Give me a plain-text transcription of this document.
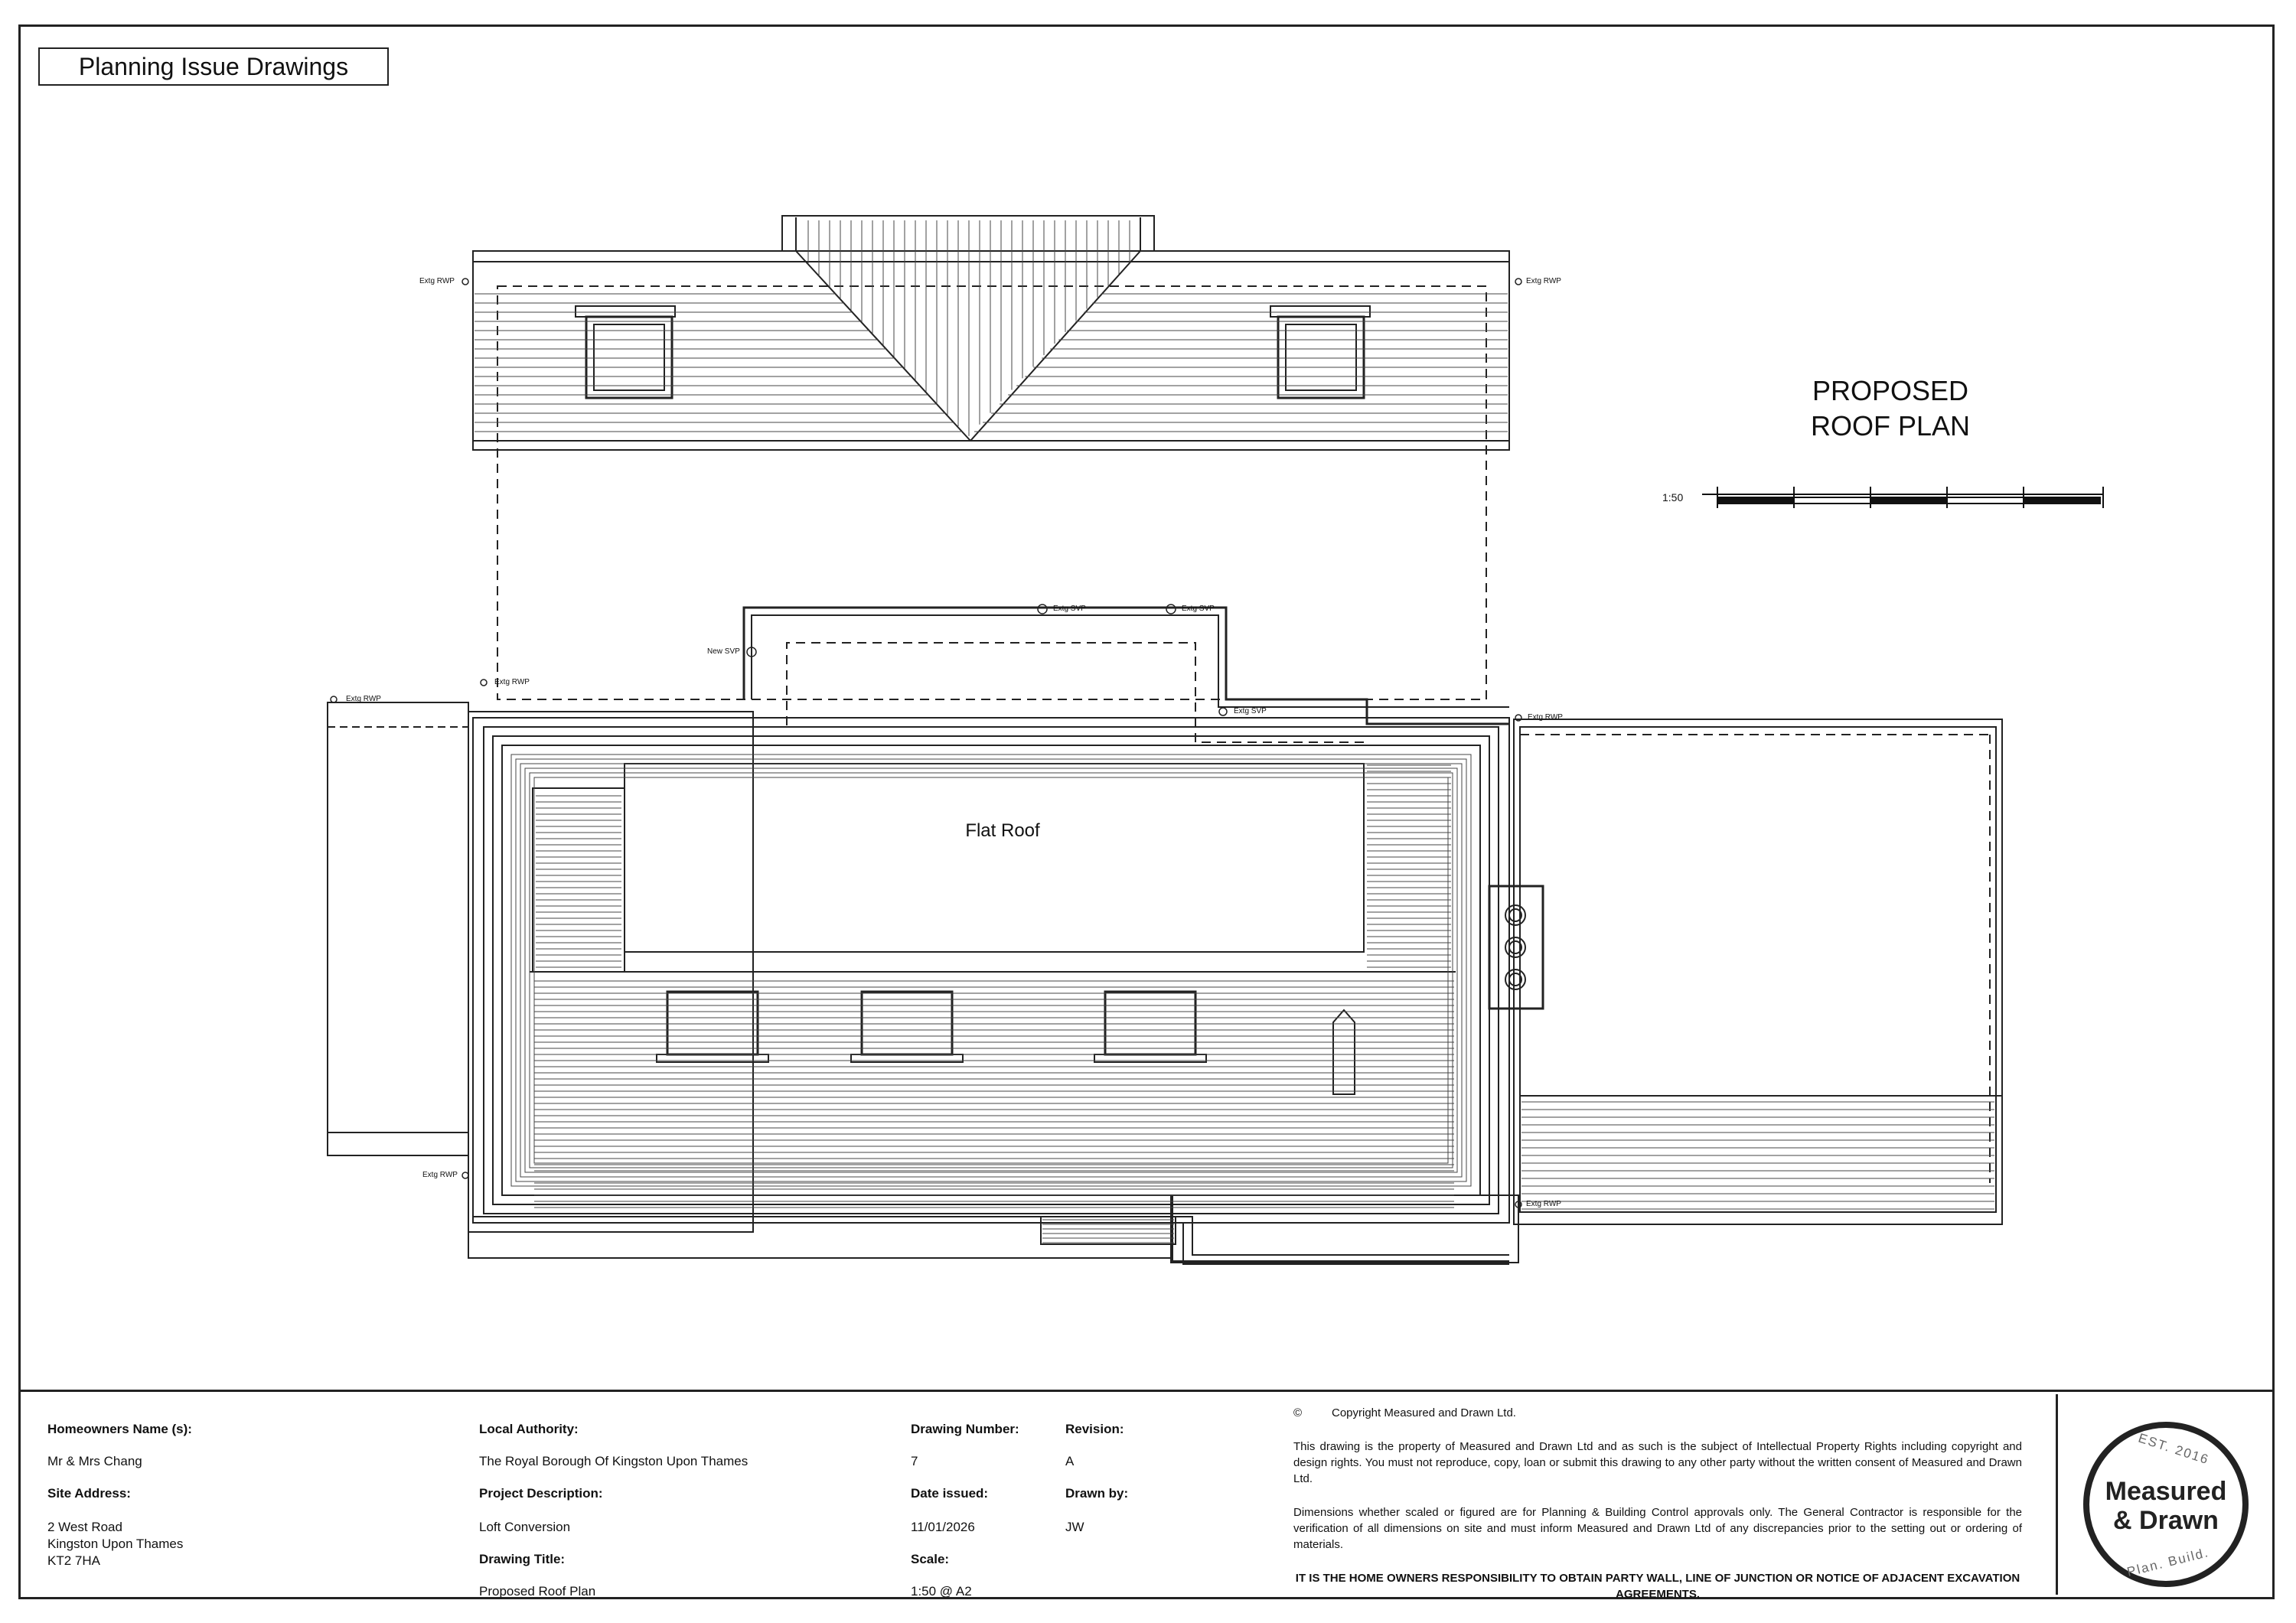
Planning Issue Drawings
Extg RWP	Extg RWP
Extg RWP
Extg RWP
New SVP
Extg SVP	Extg SVP
Extg SVP
Extg RWP
Extg RWP
Extg RWP
PROPOSED
ROOF PLAN
1:50
Flat Roof
Homeowners Name (s):
Mr & Mrs Chang
Site Address:
2 West Road
Kingston Upon Thames
KT2 7HA
Local Authority:
The Royal Borough Of Kingston Upon Thames
Project Description:
Loft Conversion
Drawing Title:
Proposed Roof Plan
Drawing Number:
7
Date issued:
11/01/2026
Scale:
1:50 @ A2
Revision:
A
Drawn by:
JW
©	Copyright Measured and Drawn Ltd.
This drawing is the property of Measured and Drawn Ltd and as such is the subject of Intellectual Property Rights including copyright and design rights. You must not reproduce, copy, loan or submit this drawing to any other party without the written consent of Measured and Drawn Ltd.
Dimensions whether scaled or figured are for Planning & Building Control approvals only. The General Contractor is responsible for the verification of all dimensions on site and must inform Measured and Drawn Ltd of any discrepancies prior to the setting out or ordering of materials.
IT IS THE HOME OWNERS RESPONSIBILITY TO OBTAIN PARTY WALL, LINE OF JUNCTION OR NOTICE OF ADJACENT EXCAVATION AGREEMENTS.
EST. 2016
Measured
& Drawn
Plan. Build.
